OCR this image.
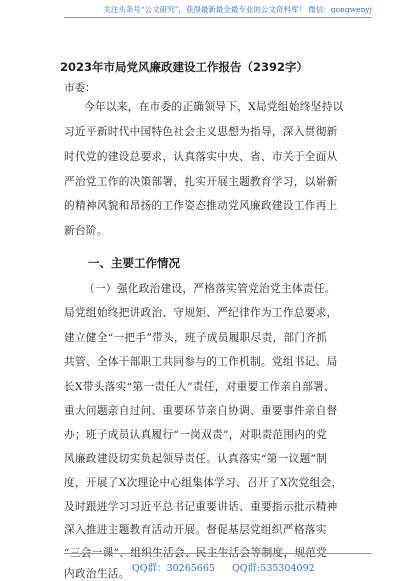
关注头条号“公文研究”，获得最新最全最专业的公文资料库！ 微信：gongwenyj
2023年市局党风廉政建设工作报告（2392字）
市委：
今年以来，在市委的正确领导下，X局党组始终坚持以
习近平新时代中国特色社会主义思想为指导，深入贯彻新
时代党的建设总要求，认真落实中央、省、市关于全面从
严治党工作的决策部署，扎实开展主题教育学习，以崭新
的精神风貌和昂扬的工作姿态推动党风廉政建设工作再上
新台阶。
一、主要工作情况
（一）强化政治建设，严格落实管党治党主体责任。
局党组始终把讲政治、守规矩、严纪律作为工作总要求，
建立健全“一把手”带头，班子成员履职尽责，部门齐抓
共管、全体干部职工共同参与的工作机制。党组书记、局
长X带头落实“第一责任人”责任，对重要工作亲自部署、
重大问题亲自过问、重要环节亲自协调、重要事件亲自督
办；班子成员认真履行“一岗双责”，对职责范围内的党
风廉政建设切实负起领导责任。认真落实“第一议题”制
度，开展了X次理论中心组集体学习、召开了X次党组会，
及时跟进学习习近平总书记重要讲话、重要指示批示精神
深入推进主题教育活动开展。督促基层党组织严格落实
“三会一课”、组织生活会、民主生活会等制度，规范党
内政治生活。 QQ群：30265665 QQ群:535304092
